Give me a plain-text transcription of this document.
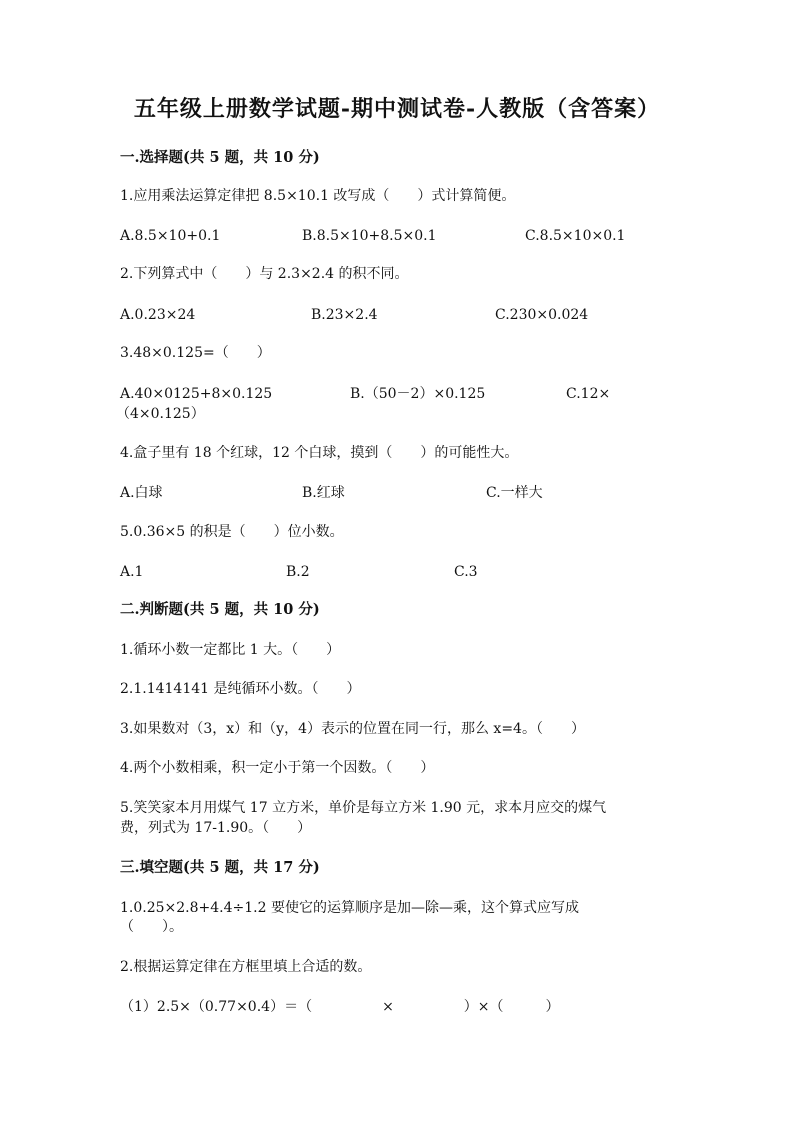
五年级上册数学试题-期中测试卷-人教版（含答案）
一.选择题(共 5 题，共 10 分)
1.应用乘法运算定律把 8.5×10.1 改写成（　　）式计算简便。
A.8.5×10+0.1	B.8.5×10+8.5×0.1	C.8.5×10×0.1
2.下列算式中（　　）与 2.3×2.4 的积不同。
A.0.23×24	B.23×2.4	C.230×0.024
3.48×0.125=（　　）
A.40×0125+8×0.125	B.（50－2）×0.125	C.12×
（4×0.125）
4.盒子里有 18 个红球，12 个白球，摸到（　　）的可能性大。
A.白球	B.红球	C.一样大
5.0.36×5 的积是（　　）位小数。
A.1	B.2	C.3
二.判断题(共 5 题，共 10 分)
1.循环小数一定都比 1 大。（　　）
2.1.1414141 是纯循环小数。（　　）
3.如果数对（3，x）和（y，4）表示的位置在同一行，那么 x=4。（　　）
4.两个小数相乘，积一定小于第一个因数。（　　）
5.笑笑家本月用煤气 17 立方米，单价是每立方米 1.90 元，求本月应交的煤气
费，列式为 17-1.90。（　　）
三.填空题(共 5 题，共 17 分)
1.0.25×2.8+4.4÷1.2 要使它的运算顺序是加—除—乘，这个算式应写成
（　　）。
2.根据运算定律在方框里填上合适的数。
（1）2.5×（0.77×0.4）＝（　　　　　×　　　　　）×（　　　）
